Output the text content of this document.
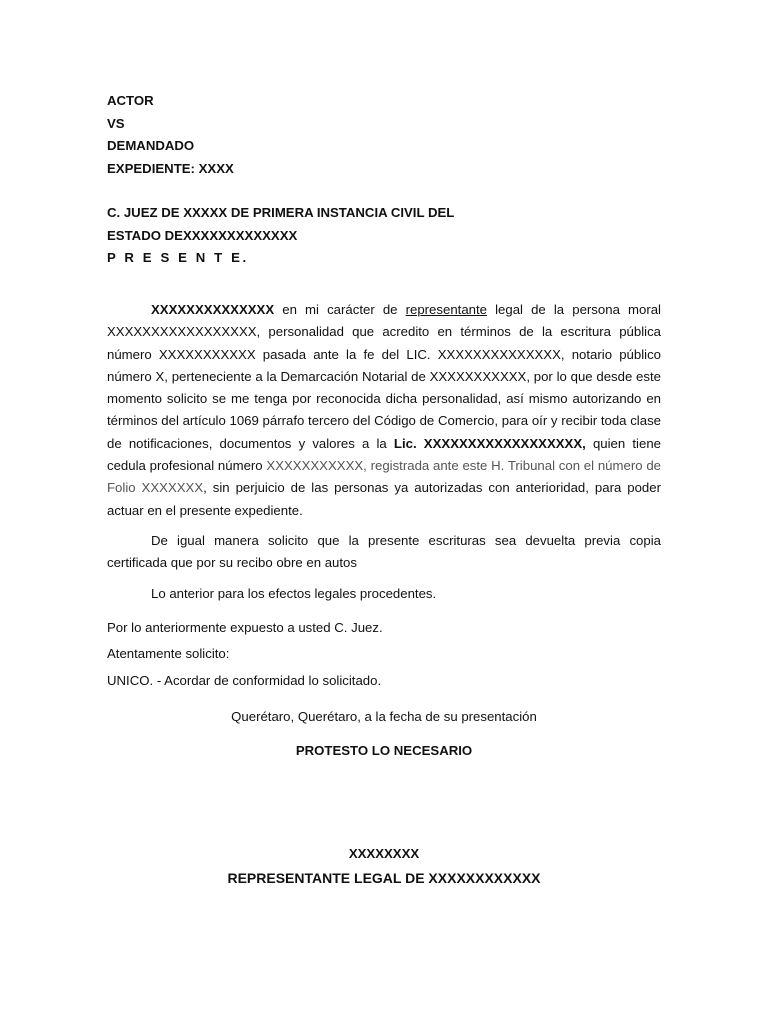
ACTOR
VS
DEMANDADO
EXPEDIENTE: XXXX
C. JUEZ DE XXXXX DE PRIMERA INSTANCIA CIVIL DEL
ESTADO DEXXXXXXXXXXXXX
P R E S E N T E.

XXXXXXXXXXXXXX en mi carácter de representante legal de la persona moral XXXXXXXXXXXXXXXXX, personalidad que acredito en términos de la escritura pública número XXXXXXXXXXX pasada ante la fe del LIC. XXXXXXXXXXXXXX, notario público número X, perteneciente a la Demarcación Notarial de XXXXXXXXXXX, por lo que desde este momento solicito se me tenga por reconocida dicha personalidad, así mismo autorizando en términos del artículo 1069 párrafo tercero del Código de Comercio, para oír y recibir toda clase de notificaciones, documentos y valores a la Lic. XXXXXXXXXXXXXXXXXX, quien tiene cedula profesional número XXXXXXXXXXX, registrada ante este H. Tribunal con el número de Folio XXXXXXX, sin perjuicio de las personas ya autorizadas con anterioridad, para poder actuar en el presente expediente.

De igual manera solicito que la presente escrituras sea devuelta previa copia certificada que por su recibo obre en autos

Lo anterior para los efectos legales procedentes.

Por lo anteriormente expuesto a usted C. Juez.

Atentamente solicito:

UNICO. - Acordar de conformidad lo solicitado.

Querétaro, Querétaro, a la fecha de su presentación
PROTESTO LO NECESARIO
XXXXXXXX
REPRESENTANTE LEGAL DE XXXXXXXXXXXX
